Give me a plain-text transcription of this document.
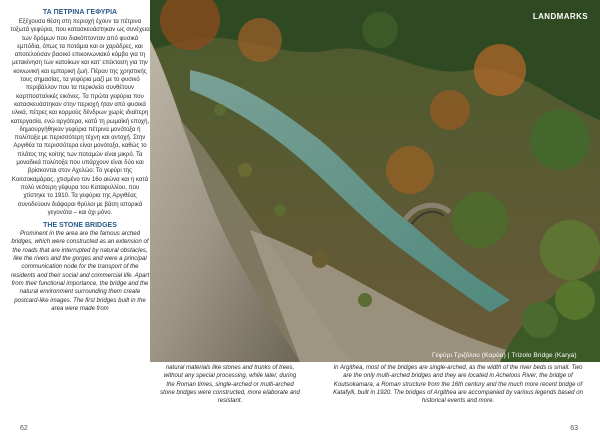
LANDMARKS
Γεφύρι Τριζόλου (Καρύα) | Trizolo Bridge (Karya)
ΤΑ ΠΕΤΡΙΝΑ ΓΕΦΥΡΙΑ

Εξέχουσα θέση στη περιοχή έχουν τα πέτρινα τοξωτά γεφύρια, που κατασκευάστηκαν ως συνέχεια των δρόμων που διακόπτονταν από φυσικά εμπόδια, όπως τα ποτάμια και οι χαράδρες, και αποτελούσαν βασικό επικοινωνιακό κόμβο για τη μετακίνηση των κατοίκων και κατ' επέκταση για την κοινωνική και εμπορική ζωή. Πέραν της χρηστικής τους σημασίας, τα γεφύρια μαζί με το φυσικό περιβάλλον που τα περικλείει συνθέτουν καρτποσταλικές εικόνες. Τα πρώτα γεφύρια που κατασκευάστηκαν στην περιοχή ήταν από φυσικά υλικά, πέτρες και κορμούς δένδρων χωρίς ιδιαίτερη κατεργασία, ενώ αργότερα, κατά τη ρωμαϊκή εποχή, δημιουργήθηκαν γεφύρια πέτρινα μονότοξα ή πολύτοξα με περισσότερη τέχνη και αντοχή. Στην Αργιθέα τα περισσότερα είναι μονότοξα, καθώς το πλάτος της κοίτης των ποταμών είναι μικρό. Τα μοναδικά πολύτοξα που υπάρχουν είναι δύο και βρίσκονται στον Αχελώο: Το γεφύρι της Κοιτσοκαμάρας, χτισμένο τον 16ο αιώνα και η κατά πολύ νεότερη γέφυρα του Καταφυλλίου, που χτίστηκε το 1910. Τα γεφύρια της Αργιθέας συνοδεύουν διάφοροι θρύλοι με βάση ιστορικά γεγονότα – και όχι μόνο.

THE STONE BRIDGES

Prominent in the area are the famous arched bridges, which were constructed as an extension of the roads that are interrupted by natural obstacles, like the rivers and the gorges and were a principal communication node for the transport of the residents and their social and commercial life. Apart from their functional importance, the bridge and the natural environment surrounding them create postcard-like images. The first bridges built in the area were made from

natural materials like stones and trunks of trees, without any special processing, while later, during the Roman times, single-arched or multi-arched stone bridges were constructed, more elaborate and resistant.

In Argithea, most of the bridges are single-arched, as the width of the river beds is small. Two are the only multi-arched bridges and they are located in Acheloos River, the bridge of Koutsokamara, a Roman structure from the 16th century and the much more recent bridge of Katafylli, built in 1920. The bridges of Argithea are accompanied by various legends based on historical events and more.

62	63
